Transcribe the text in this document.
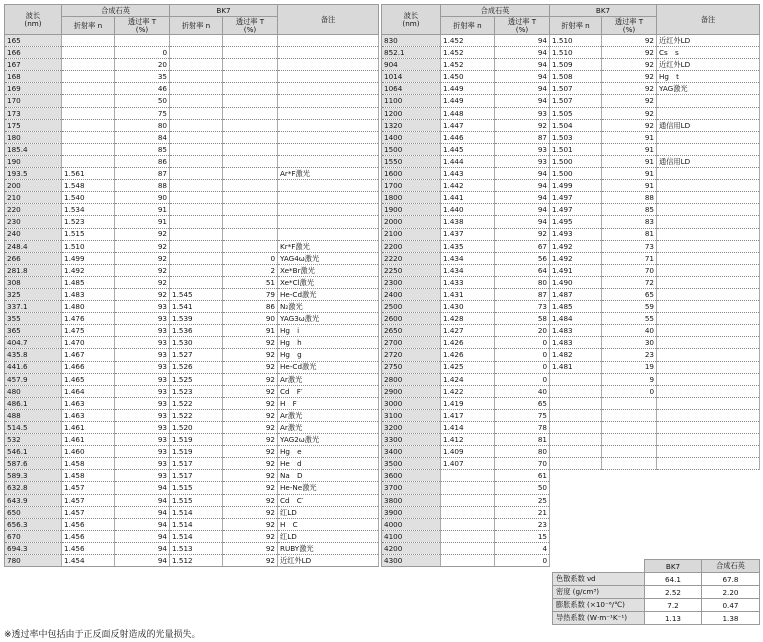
波长
(nm)	合成石英		BK7		备注
	折射率 n	透过率 T
(%)	折射率 n	透过率 T
(%)	
165					
166		0			
167		20			
168		35			
169		46			
170		50			
173		75			
175		80			
180		84			
185.4		85			
190		86			
193.5	1.561	87			Ar*F激光
200	1.548	88			
210	1.540	90			
220	1.534	91			
230	1.523	91			
240	1.515	92			
248.4	1.510	92			Kr*F激光
266	1.499	92		0	YAG4ω激光
281.8	1.492	92		2	Xe*Br激光
308	1.485	92		51	Xe*Cl激光
325	1.483	92	1.545	79	He-Cd激光
337.1	1.480	93	1.541	86	N₂激光
355	1.476	93	1.539	90	YAG3ω激光
365	1.475	93	1.536	91	Hg　i
404.7	1.470	93	1.530	92	Hg　h
435.8	1.467	93	1.527	92	Hg　g
441.6	1.466	93	1.526	92	He-Cd激光
457.9	1.465	93	1.525	92	Ar激光
480	1.464	93	1.523	92	Cd　F′
486.1	1.463	93	1.522	92	H　F
488	1.463	93	1.522	92	Ar激光
514.5	1.461	93	1.520	92	Ar激光
532	1.461	93	1.519	92	YAG2ω激光
546.1	1.460	93	1.519	92	Hg　e
587.6	1.458	93	1.517	92	He　d
589.3	1.458	93	1.517	92	Na　D
632.8	1.457	94	1.515	92	He-Ne激光
643.9	1.457	94	1.515	92	Cd　C′
650	1.457	94	1.514	92	红LD
656.3	1.456	94	1.514	92	H　C
670	1.456	94	1.514	92	红LD
694.3	1.456	94	1.513	92	RUBY激光
780	1.454	94	1.512	92	近红外LD
波长
(nm)	合成石英		BK7		备注
	折射率 n	透过率 T
(%)	折射率 n	透过率 T
(%)	
830	1.452	94	1.510	92	近红外LD
852.1	1.452	94	1.510	92	Cs　s
904	1.452	94	1.509	92	近红外LD
1014	1.450	94	1.508	92	Hg　t
1064	1.449	94	1.507	92	YAG激光
1100	1.449	94	1.507	92	
1200	1.448	93	1.505	92	
1320	1.447	92	1.504	92	通信用LD
1400	1.446	87	1.503	91	
1500	1.445	93	1.501	91	
1550	1.444	93	1.500	91	通信用LD
1600	1.443	94	1.500	91	
1700	1.442	94	1.499	91	
1800	1.441	94	1.497	88	
1900	1.440	94	1.497	85	
2000	1.438	94	1.495	83	
2100	1.437	92	1.493	81	
2200	1.435	67	1.492	73	
2220	1.434	56	1.492	71	
2250	1.434	64	1.491	70	
2300	1.433	80	1.490	72	
2400	1.431	87	1.487	65	
2500	1.430	73	1.485	59	
2600	1.428	58	1.484	55	
2650	1.427	20	1.483	40	
2700	1.426	0	1.483	30	
2720	1.426	0	1.482	23	
2750	1.425	0	1.481	19	
2800	1.424	0		9	
2900	1.422	40		0	
3000	1.419	65			
3100	1.417	75			
3200	1.414	78			
3300	1.412	81			
3400	1.409	80			
3500	1.407	70			
3600		61			
3700		50			
3800		25			
3900		21			
4000		23			
4100		15			
4200		4			
4300		0			
	BK7	合成石英
色散系数 νd	64.1	67.8
密度 (g/cm³)	2.52	2.20
膨胀系数 (×10⁻⁶/℃)	7.2	0.47
导热系数 (W·m⁻¹K⁻¹)	1.13	1.38
※透过率中包括由于正反面反射造成的光量损失。
